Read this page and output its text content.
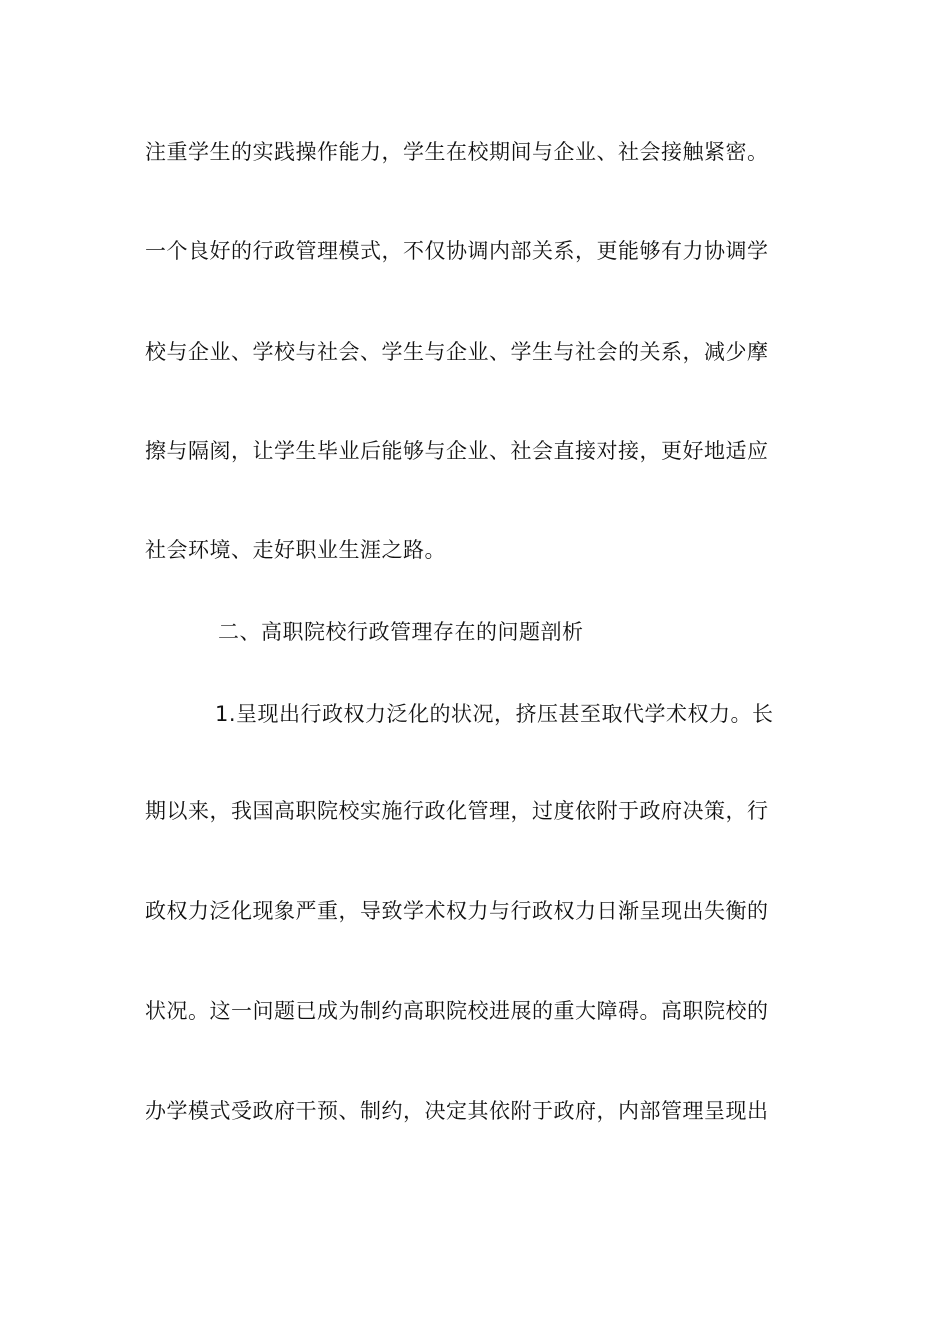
注重学生的实践操作能力，学生在校期间与企业、社会接触紧密。
一个良好的行政管理模式，不仅协调内部关系，更能够有力协调学
校与企业、学校与社会、学生与企业、学生与社会的关系，减少摩
擦与隔阂，让学生毕业后能够与企业、社会直接对接，更好地适应
社会环境、走好职业生涯之路。
二、高职院校行政管理存在的问题剖析
1.呈现出行政权力泛化的状况，挤压甚至取代学术权力。长
期以来，我国高职院校实施行政化管理，过度依附于政府决策，行
政权力泛化现象严重，导致学术权力与行政权力日渐呈现出失衡的
状况。这一问题已成为制约高职院校进展的重大障碍。高职院校的
办学模式受政府干预、制约，决定其依附于政府，内部管理呈现出
